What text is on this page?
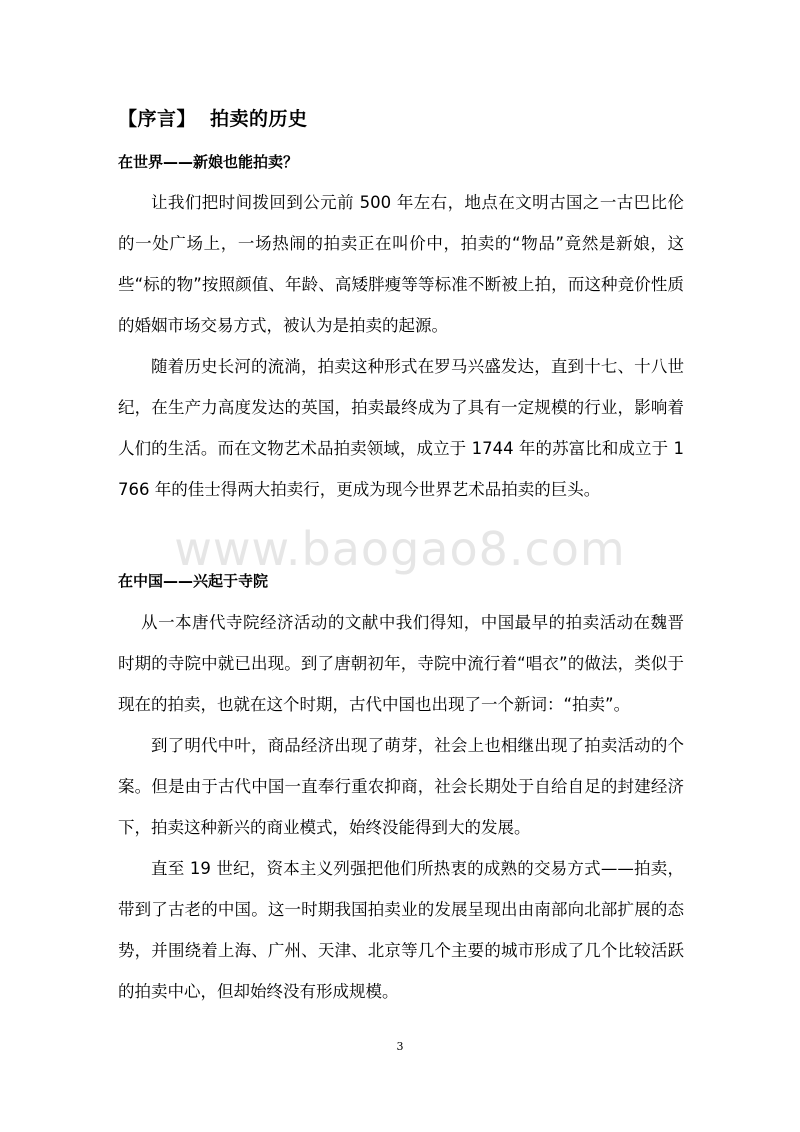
【序言】 拍卖的历史
在世界——新娘也能拍卖？

让我们把时间拨回到公元前 500 年左右，地点在文明古国之一古巴比伦的一处广场上，一场热闹的拍卖正在叫价中，拍卖的“物品”竟然是新娘，这些“标的物”按照颜值、年龄、高矮胖瘦等等标准不断被上拍，而这种竞价性质的婚姻市场交易方式，被认为是拍卖的起源。

随着历史长河的流淌，拍卖这种形式在罗马兴盛发达，直到十七、十八世纪，在生产力高度发达的英国，拍卖最终成为了具有一定规模的行业，影响着人们的生活。而在文物艺术品拍卖领域，成立于 1744 年的苏富比和成立于 1766 年的佳士得两大拍卖行，更成为现今世界艺术品拍卖的巨头。

www.baogao8.com
在中国——兴起于寺院

从一本唐代寺院经济活动的文献中我们得知，中国最早的拍卖活动在魏晋时期的寺院中就已出现。到了唐朝初年，寺院中流行着“唱衣”的做法，类似于现在的拍卖，也就在这个时期，古代中国也出现了一个新词：“拍卖”。

到了明代中叶，商品经济出现了萌芽，社会上也相继出现了拍卖活动的个案。但是由于古代中国一直奉行重农抑商，社会长期处于自给自足的封建经济下，拍卖这种新兴的商业模式，始终没能得到大的发展。

直至 19 世纪，资本主义列强把他们所热衷的成熟的交易方式——拍卖，带到了古老的中国。这一时期我国拍卖业的发展呈现出由南部向北部扩展的态势，并围绕着上海、广州、天津、北京等几个主要的城市形成了几个比较活跃的拍卖中心，但却始终没有形成规模。

3
